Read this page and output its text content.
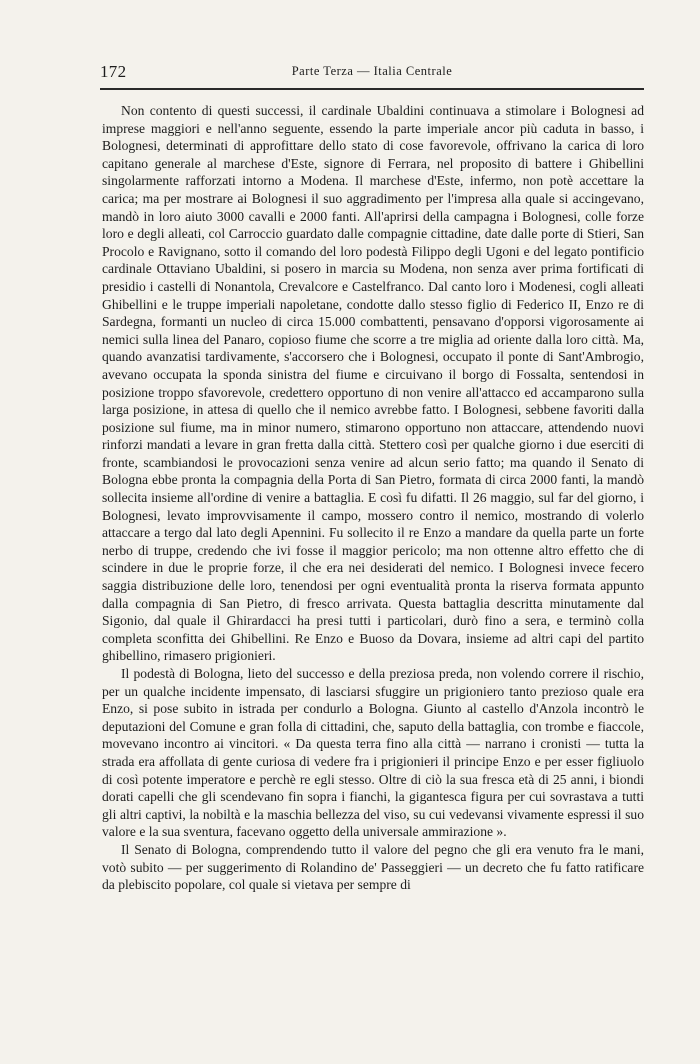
172	Parte Terza — Italia Centrale

Non contento di questi successi, il cardinale Ubaldini continuava a stimolare i Bolognesi ad imprese maggiori e nell'anno seguente, essendo la parte imperiale ancor più caduta in basso, i Bolognesi, determinati di approfittare dello stato di cose favorevole, offrivano la carica di loro capitano generale al marchese d'Este, signore di Ferrara, nel proposito di battere i Ghibellini singolarmente rafforzati intorno a Modena. Il marchese d'Este, infermo, non potè accettare la carica; ma per mostrare ai Bolognesi il suo aggradimento per l'impresa alla quale si accingevano, mandò in loro aiuto 3000 cavalli e 2000 fanti. All'aprirsi della campagna i Bolognesi, colle forze loro e degli alleati, col Carroccio guardato dalle compagnie cittadine, date dalle porte di Stieri, San Procolo e Ravignano, sotto il comando del loro podestà Filippo degli Ugoni e del legato pontificio cardinale Ottaviano Ubaldini, si posero in marcia su Modena, non senza aver prima fortificati di presidio i castelli di Nonantola, Crevalcore e Castelfranco. Dal canto loro i Modenesi, cogli alleati Ghibellini e le truppe imperiali napoletane, condotte dallo stesso figlio di Federico II, Enzo re di Sardegna, formanti un nucleo di circa 15.000 combattenti, pensavano d'opporsi vigorosamente ai nemici sulla linea del Panaro, copioso fiume che scorre a tre miglia ad oriente dalla loro città. Ma, quando avanzatisi tardivamente, s'accorsero che i Bolognesi, occupato il ponte di Sant'Ambrogio, avevano occupata la sponda sinistra del fiume e circuivano il borgo di Fossalta, sentendosi in posizione troppo sfavorevole, credettero opportuno di non venire all'attacco ed accamparono sulla larga posizione, in attesa di quello che il nemico avrebbe fatto. I Bolognesi, sebbene favoriti dalla posizione sul fiume, ma in minor numero, stimarono opportuno non attaccare, attendendo nuovi rinforzi mandati a levare in gran fretta dalla città. Stettero così per qualche giorno i due eserciti di fronte, scambiandosi le provocazioni senza venire ad alcun serio fatto; ma quando il Senato di Bologna ebbe pronta la compagnia della Porta di San Pietro, formata di circa 2000 fanti, la mandò sollecita insieme all'ordine di venire a battaglia. E così fu difatti. Il 26 maggio, sul far del giorno, i Bolognesi, levato improvvisamente il campo, mossero contro il nemico, mostrando di volerlo attaccare a tergo dal lato degli Apennini. Fu sollecito il re Enzo a mandare da quella parte un forte nerbo di truppe, credendo che ivi fosse il maggior pericolo; ma non ottenne altro effetto che di scindere in due le proprie forze, il che era nei desiderati del nemico. I Bolognesi invece fecero saggia distribuzione delle loro, tenendosi per ogni eventualità pronta la riserva formata appunto dalla compagnia di San Pietro, di fresco arrivata. Questa battaglia descritta minutamente dal Sigonio, dal quale il Ghirardacci ha presi tutti i particolari, durò fino a sera, e terminò colla completa sconfitta dei Ghibellini. Re Enzo e Buoso da Dovara, insieme ad altri capi del partito ghibellino, rimasero prigionieri.

Il podestà di Bologna, lieto del successo e della preziosa preda, non volendo correre il rischio, per un qualche incidente impensato, di lasciarsi sfuggire un prigioniero tanto prezioso quale era Enzo, si pose subito in istrada per condurlo a Bologna. Giunto al castello d'Anzola incontrò le deputazioni del Comune e gran folla di cittadini, che, saputo della battaglia, con trombe e fiaccole, movevano incontro ai vincitori. « Da questa terra fino alla città — narrano i cronisti — tutta la strada era affollata di gente curiosa di vedere fra i prigionieri il principe Enzo e per esser figliuolo di così potente imperatore e perchè re egli stesso. Oltre di ciò la sua fresca età di 25 anni, i biondi dorati capelli che gli scendevano fin sopra i fianchi, la gigantesca figura per cui sovrastava a tutti gli altri captivi, la nobiltà e la maschia bellezza del viso, su cui vedevansi vivamente espressi il suo valore e la sua sventura, facevano oggetto della universale ammirazione ».

Il Senato di Bologna, comprendendo tutto il valore del pegno che gli era venuto fra le mani, votò subito — per suggerimento di Rolandino de' Passeggieri — un decreto che fu fatto ratificare da plebiscito popolare, col quale si vietava per sempre di
